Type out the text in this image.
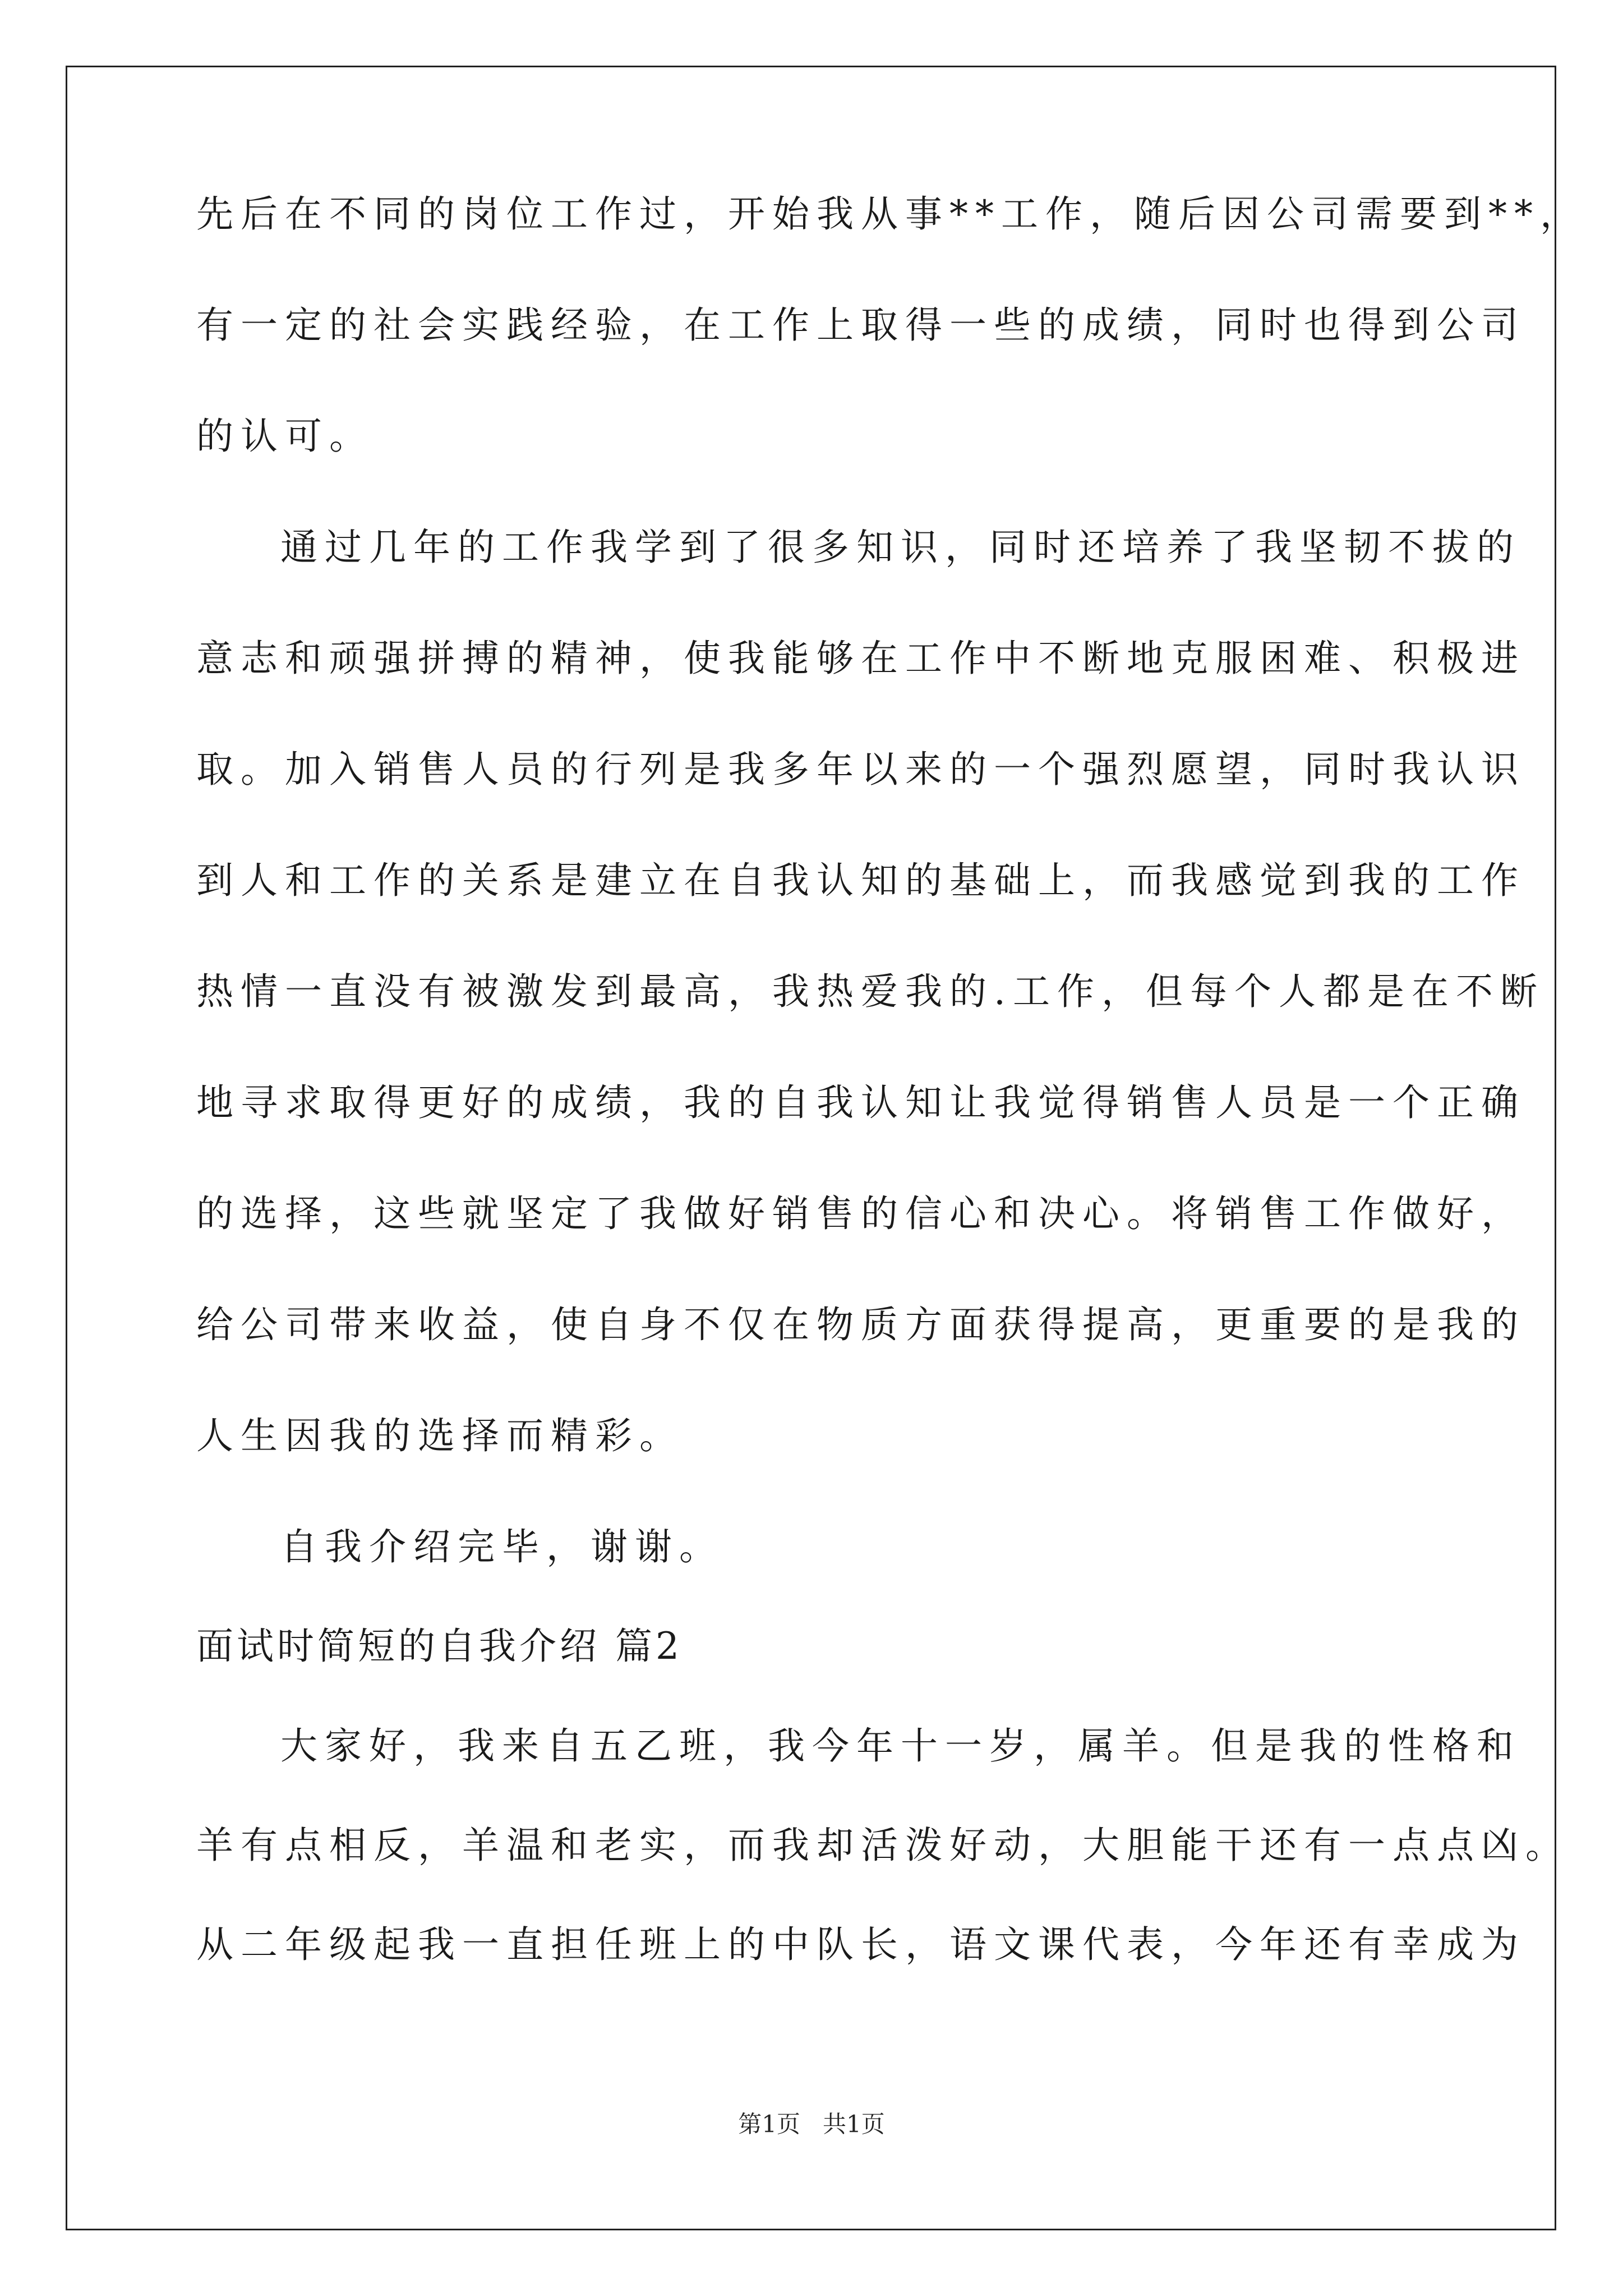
先后在不同的岗位工作过，开始我从事**工作，随后因公司需要到**，
有一定的社会实践经验，在工作上取得一些的成绩，同时也得到公司
的认可。
通过几年的工作我学到了很多知识，同时还培养了我坚韧不拔的
意志和顽强拼搏的精神，使我能够在工作中不断地克服困难、积极进
取。加入销售人员的行列是我多年以来的一个强烈愿望，同时我认识
到人和工作的关系是建立在自我认知的基础上，而我感觉到我的工作
热情一直没有被激发到最高，我热爱我的.工作，但每个人都是在不断
地寻求取得更好的成绩，我的自我认知让我觉得销售人员是一个正确
的选择，这些就坚定了我做好销售的信心和决心。将销售工作做好，
给公司带来收益，使自身不仅在物质方面获得提高，更重要的是我的
人生因我的选择而精彩。
自我介绍完毕，谢谢。
面试时简短的自我介绍 篇2
大家好，我来自五乙班，我今年十一岁，属羊。但是我的性格和
羊有点相反，羊温和老实，而我却活泼好动，大胆能干还有一点点凶。
从二年级起我一直担任班上的中队长，语文课代表，今年还有幸成为
第1页   共1页
